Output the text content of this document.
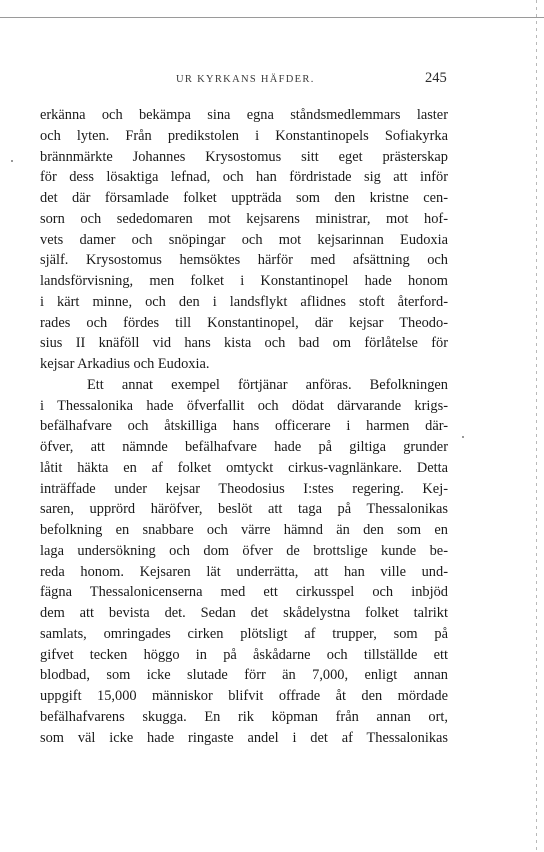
UR KYRKANS HÄFDER.	245
erkänna och bekämpa sina egna ståndsmedlemmars laster
och lyten. Från predikstolen i Konstantinopels Sofiakyrka
brännmärkte Johannes Krysostomus sitt eget prästerskap
för dess lösaktiga lefnad, och han fördristade sig att inför
det där församlade folket uppträda som den kristne cen-
sorn och sededomaren mot kejsarens ministrar, mot hof-
vets damer och snöpingar och mot kejsarinnan Eudoxia
själf. Krysostomus hemsöktes härför med afsättning och
landsförvisning, men folket i Konstantinopel hade honom
i kärt minne, och den i landsflykt aflidnes stoft återford-
rades och fördes till Konstantinopel, där kejsar Theodo-
sius II knäföll vid hans kista och bad om förlåtelse för
kejsar Arkadius och Eudoxia.
Ett annat exempel förtjänar anföras. Befolkningen
i Thessalonika hade öfverfallit och dödat därvarande krigs-
befälhafvare och åtskilliga hans officerare i harmen där-
öfver, att nämnde befälhafvare hade på giltiga grunder
låtit häkta en af folket omtyckt cirkus-vagnlänkare. Detta
inträffade under kejsar Theodosius I:stes regering. Kej-
saren, upprörd häröfver, beslöt att taga på Thessalonikas
befolkning en snabbare och värre hämnd än den som en
laga undersökning och dom öfver de brottslige kunde be-
reda honom. Kejsaren lät underrätta, att han ville und-
fägna Thessalonicenserna med ett cirkusspel och inbjöd
dem att bevista det. Sedan det skådelystna folket talrikt
samlats, omringades cirken plötsligt af trupper, som på
gifvet tecken höggo in på åskådarne och tillställde ett
blodbad, som icke slutade förr än 7,000, enligt annan
uppgift 15,000 människor blifvit offrade åt den mördade
befälhafvarens skugga. En rik köpman från annan ort,
som väl icke hade ringaste andel i det af Thessalonikas
